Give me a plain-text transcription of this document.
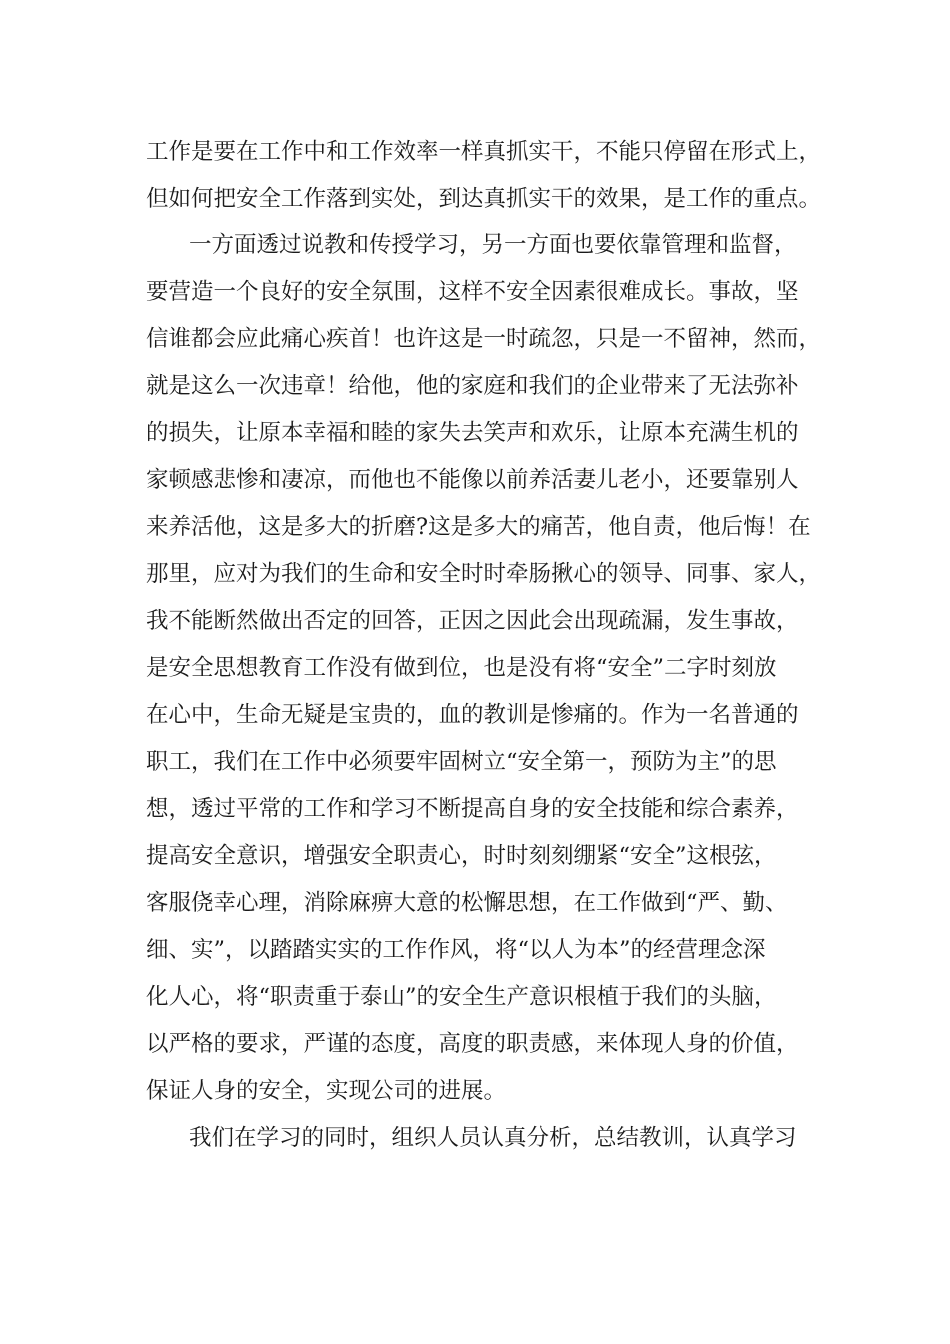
工作是要在工作中和工作效率一样真抓实干，不能只停留在形式上，
但如何把安全工作落到实处，到达真抓实干的效果，是工作的重点。
一方面透过说教和传授学习，另一方面也要依靠管理和监督，
要营造一个良好的安全氛围，这样不安全因素很难成长。事故，坚
信谁都会应此痛心疾首！也许这是一时疏忽，只是一不留神，然而，
就是这么一次违章！给他，他的家庭和我们的企业带来了无法弥补
的损失，让原本幸福和睦的家失去笑声和欢乐，让原本充满生机的
家顿感悲惨和凄凉，而他也不能像以前养活妻儿老小，还要靠别人
来养活他，这是多大的折磨?这是多大的痛苦，他自责，他后悔！在
那里，应对为我们的生命和安全时时牵肠揪心的领导、同事、家人，
我不能断然做出否定的回答，正因之因此会出现疏漏，发生事故，
是安全思想教育工作没有做到位，也是没有将“安全”二字时刻放
在心中，生命无疑是宝贵的，血的教训是惨痛的。作为一名普通的
职工，我们在工作中必须要牢固树立“安全第一，预防为主”的思
想，透过平常的工作和学习不断提高自身的安全技能和综合素养，
提高安全意识，增强安全职责心，时时刻刻绷紧“安全”这根弦，
客服侥幸心理，消除麻痹大意的松懈思想，在工作做到“严、勤、
细、实”，以踏踏实实的工作作风，将“以人为本”的经营理念深
化人心，将“职责重于泰山”的安全生产意识根植于我们的头脑，
以严格的要求，严谨的态度，高度的职责感，来体现人身的价值，
保证人身的安全，实现公司的进展。
我们在学习的同时，组织人员认真分析，总结教训，认真学习
